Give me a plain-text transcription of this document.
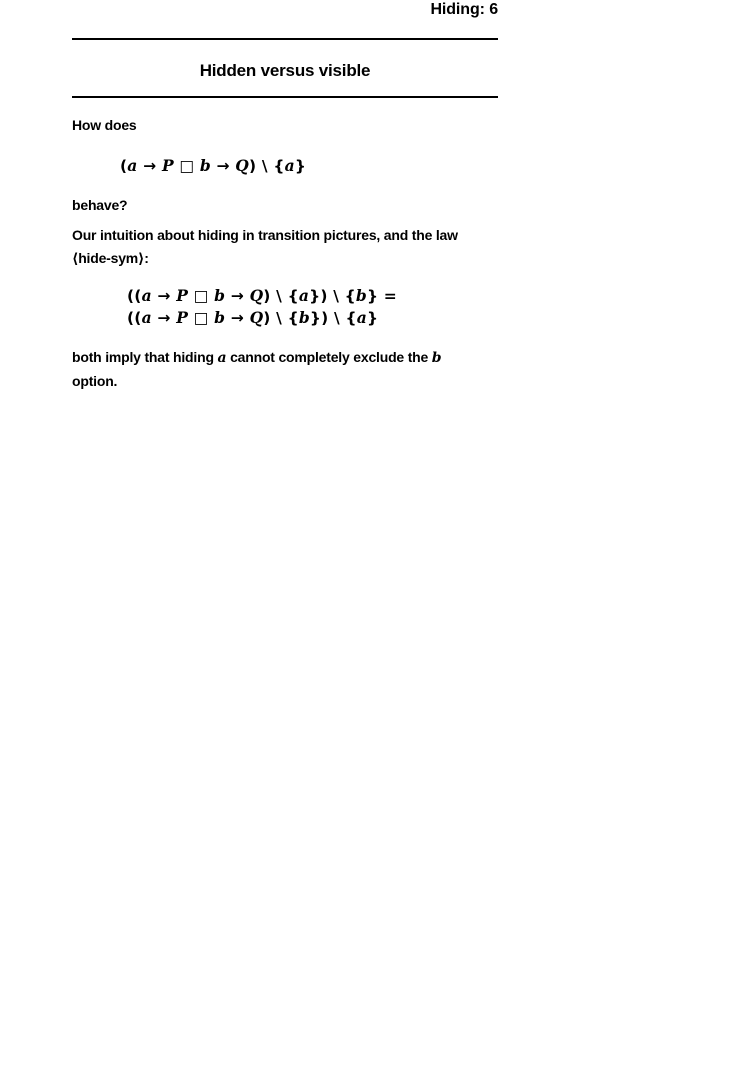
Hiding: 6
Hidden versus visible
How does
(a → P □ b → Q) \ {a}
behave?
Our intuition about hiding in transition pictures, and the law
⟨hide-sym⟩:
((a → P □ b → Q) \ {a}) \ {b} =
((a → P □ b → Q) \ {b}) \ {a}
both imply that hiding a cannot completely exclude the b
option.
